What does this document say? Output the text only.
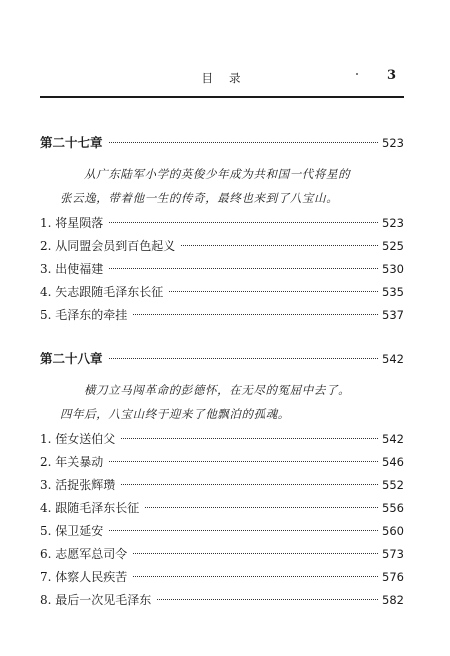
目录	3
第二十七章	523
从广东陆军小学的英俊少年成为共和国一代将星的张云逸，带着他一生的传奇，最终也来到了八宝山。
1. 将星陨落	523
2. 从同盟会员到百色起义	525
3. 出使福建	530
4. 矢志跟随毛泽东长征	535
5. 毛泽东的牵挂	537
第二十八章	542
横刀立马闯革命的彭德怀，在无尽的冤屈中去了。四年后，八宝山终于迎来了他飘泊的孤魂。
1. 侄女送伯父	542
2. 年关暴动	546
3. 活捉张辉瓒	552
4. 跟随毛泽东长征	556
5. 保卫延安	560
6. 志愿军总司令	573
7. 体察人民疾苦	576
8. 最后一次见毛泽东	582
